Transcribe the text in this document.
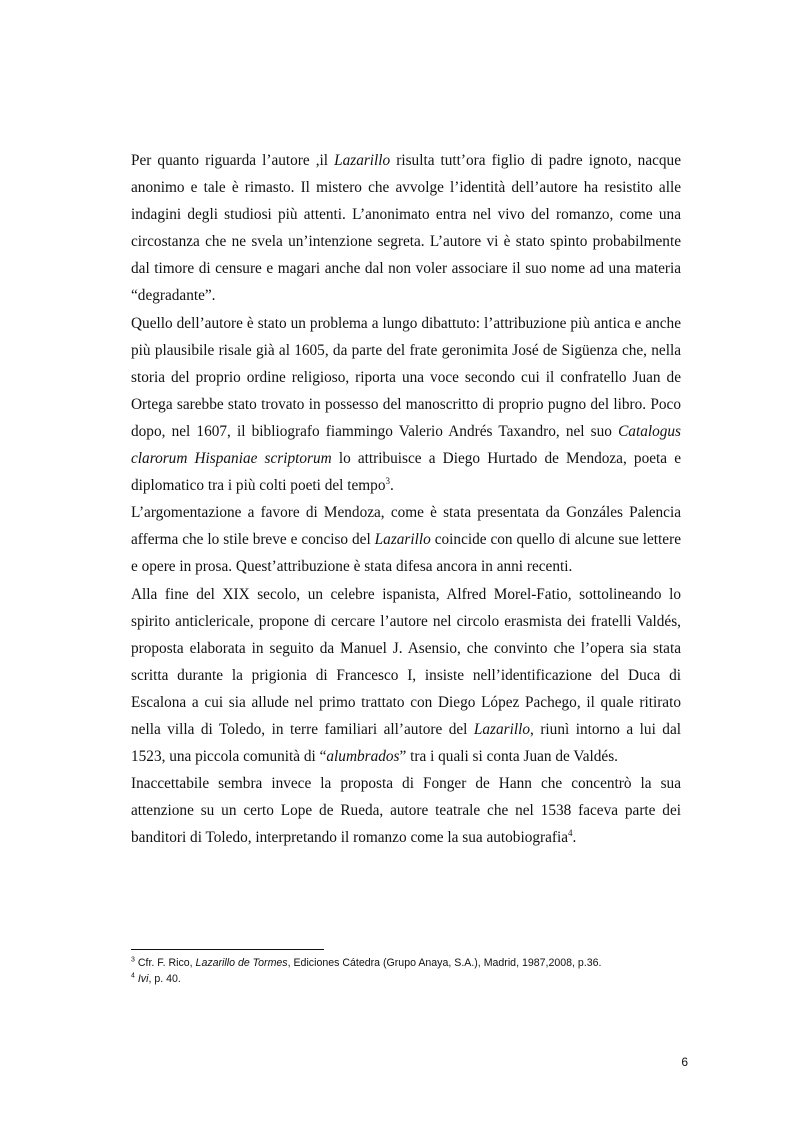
Per quanto riguarda l’autore ,il Lazarillo risulta tutt’ora figlio di padre ignoto, nacque anonimo e tale è rimasto. Il mistero che avvolge l’identità dell’autore ha resistito alle indagini degli studiosi più attenti. L’anonimato entra nel vivo del romanzo, come una circostanza che ne svela un’intenzione segreta. L’autore vi è stato spinto probabilmente dal timore di censure e magari anche dal non voler associare il suo nome ad una materia “degradante”.

Quello dell’autore è stato un problema a lungo dibattuto: l’attribuzione più antica e anche più plausibile risale già al 1605, da parte del frate geronimita José de Sigüenza che, nella storia del proprio ordine religioso, riporta una voce secondo cui il confratello Juan de Ortega sarebbe stato trovato in possesso del manoscritto di proprio pugno del libro. Poco dopo, nel 1607, il bibliografo fiammingo Valerio Andrés Taxandro, nel suo Catalogus clarorum Hispaniae scriptorum lo attribuisce a Diego Hurtado de Mendoza, poeta e diplomatico tra i più colti poeti del tempo$^3$.

L’argomentazione a favore di Mendoza, come è stata presentata da Gonzáles Palencia afferma che lo stile breve e conciso del Lazarillo coincide con quello di alcune sue lettere e opere in prosa. Quest’attribuzione è stata difesa ancora in anni recenti.

Alla fine del XIX secolo, un celebre ispanista, Alfred Morel-Fatio, sottolineando lo spirito anticlericale, propone di cercare l’autore nel circolo erasmista dei fratelli Valdés, proposta elaborata in seguito da Manuel J. Asensio, che convinto che l’opera sia stata scritta durante la prigionia di Francesco I, insiste nell’identificazione del Duca di Escalona a cui sia allude nel primo trattato con Diego López Pachego, il quale ritirato nella villa di Toledo, in terre familiari all’autore del Lazarillo, riunì intorno a lui dal 1523, una piccola comunità di “alumbrados” tra i quali si conta Juan de Valdés.

Inaccettabile sembra invece la proposta di Fonger de Hann che concentrò la sua attenzione su un certo Lope de Rueda, autore teatrale che nel 1538 faceva parte dei banditori di Toledo, interpretando il romanzo come la sua autobiografia$^4$.

$^3$ Cfr. F. Rico, Lazarillo de Tormes, Ediciones Cátedra (Grupo Anaya, S.A.), Madrid, 1987,2008, p.36.
$^4$ Ivi, p. 40.
6
